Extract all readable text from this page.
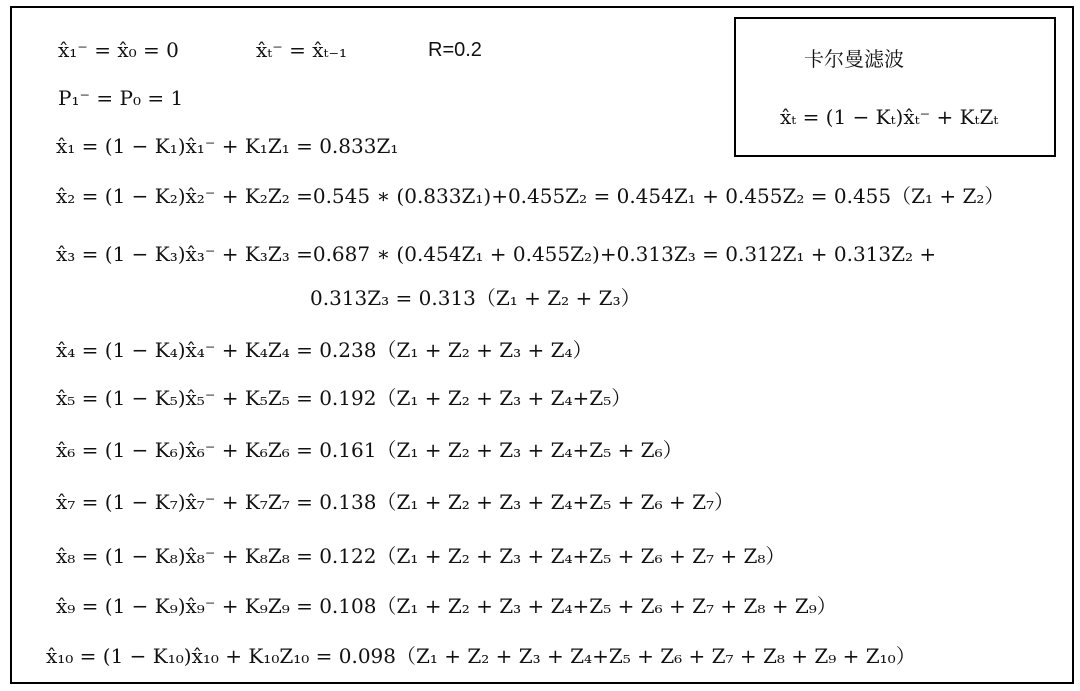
x̂₁⁻ = x̂₀ = 0	x̂ₜ⁻ = x̂ₜ₋₁	R=0.2
P₁⁻ = P₀ = 1
卡尔曼滤波
x̂ₜ = (1 − Kₜ)x̂ₜ⁻ + KₜZₜ
x̂₁ = (1 − K₁)x̂₁⁻ + K₁Z₁ = 0.833Z₁
x̂₂ = (1 − K₂)x̂₂⁻ + K₂Z₂ =0.545 ∗ (0.833Z₁)+0.455Z₂ = 0.454Z₁ + 0.455Z₂ = 0.455（Z₁ + Z₂）
x̂₃ = (1 − K₃)x̂₃⁻ + K₃Z₃ =0.687 ∗ (0.454Z₁ + 0.455Z₂)+0.313Z₃ = 0.312Z₁ + 0.313Z₂ +
0.313Z₃ = 0.313（Z₁ + Z₂ + Z₃）
x̂₄ = (1 − K₄)x̂₄⁻ + K₄Z₄ = 0.238（Z₁ + Z₂ + Z₃ + Z₄）
x̂₅ = (1 − K₅)x̂₅⁻ + K₅Z₅ = 0.192（Z₁ + Z₂ + Z₃ + Z₄+Z₅）
x̂₆ = (1 − K₆)x̂₆⁻ + K₆Z₆ = 0.161（Z₁ + Z₂ + Z₃ + Z₄+Z₅ + Z₆）
x̂₇ = (1 − K₇)x̂₇⁻ + K₇Z₇ = 0.138（Z₁ + Z₂ + Z₃ + Z₄+Z₅ + Z₆ + Z₇）
x̂₈ = (1 − K₈)x̂₈⁻ + K₈Z₈ = 0.122（Z₁ + Z₂ + Z₃ + Z₄+Z₅ + Z₆ + Z₇ + Z₈）
x̂₉ = (1 − K₉)x̂₉⁻ + K₉Z₉ = 0.108（Z₁ + Z₂ + Z₃ + Z₄+Z₅ + Z₆ + Z₇ + Z₈ + Z₉）
x̂₁₀ = (1 − K₁₀)x̂₁₀ + K₁₀Z₁₀ = 0.098（Z₁ + Z₂ + Z₃ + Z₄+Z₅ + Z₆ + Z₇ + Z₈ + Z₉ + Z₁₀）
